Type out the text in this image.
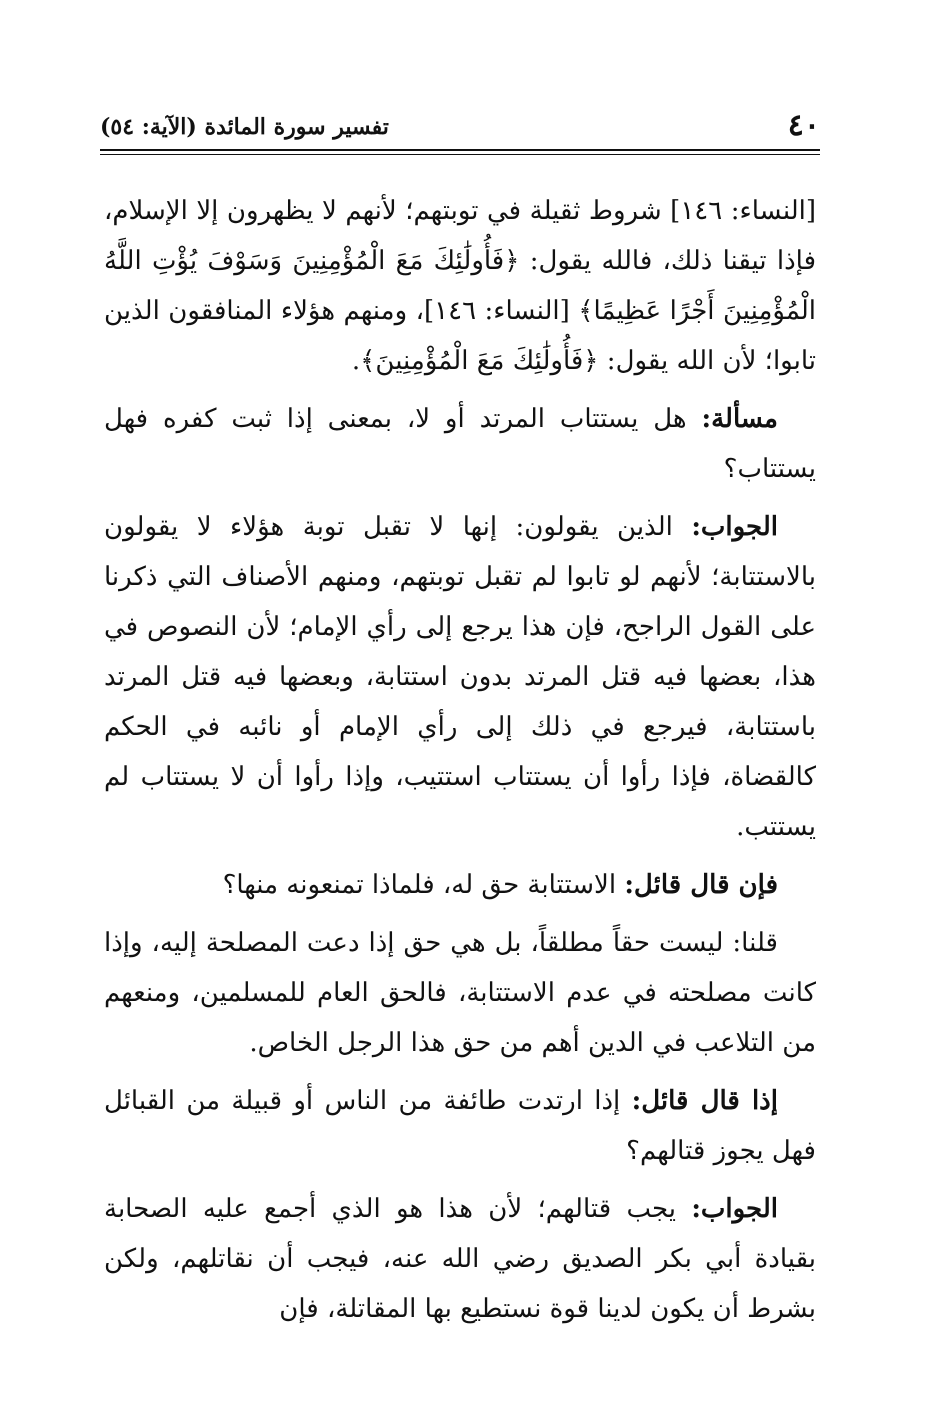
٤٠
تفسير سورة المائدة (الآية: ٥٤)

[النساء: ١٤٦] شروط ثقيلة في توبتهم؛ لأنهم لا يظهرون إلا الإسلام، فإذا تيقنا ذلك، فالله يقول: ﴿فَأُولَٰئِكَ مَعَ الْمُؤْمِنِينَ وَسَوْفَ يُؤْتِ اللَّهُ الْمُؤْمِنِينَ أَجْرًا عَظِيمًا﴾ [النساء: ١٤٦]، ومنهم هؤلاء المنافقون الذين تابوا؛ لأن الله يقول: ﴿فَأُولَٰئِكَ مَعَ الْمُؤْمِنِينَ﴾.

مسألة: هل يستتاب المرتد أو لا، بمعنى إذا ثبت كفره فهل يستتاب؟

الجواب: الذين يقولون: إنها لا تقبل توبة هؤلاء لا يقولون بالاستتابة؛ لأنهم لو تابوا لم تقبل توبتهم، ومنهم الأصناف التي ذكرنا على القول الراجح، فإن هذا يرجع إلى رأي الإمام؛ لأن النصوص في هذا، بعضها فيه قتل المرتد بدون استتابة، وبعضها فيه قتل المرتد باستتابة، فيرجع في ذلك إلى رأي الإمام أو نائبه في الحكم كالقضاة، فإذا رأوا أن يستتاب استتيب، وإذا رأوا أن لا يستتاب لم يستتب.

فإن قال قائل: الاستتابة حق له، فلماذا تمنعونه منها؟

قلنا: ليست حقاً مطلقاً، بل هي حق إذا دعت المصلحة إليه، وإذا كانت مصلحته في عدم الاستتابة، فالحق العام للمسلمين، ومنعهم من التلاعب في الدين أهم من حق هذا الرجل الخاص.

إذا قال قائل: إذا ارتدت طائفة من الناس أو قبيلة من القبائل فهل يجوز قتالهم؟

الجواب: يجب قتالهم؛ لأن هذا هو الذي أجمع عليه الصحابة بقيادة أبي بكر الصديق رضي الله عنه، فيجب أن نقاتلهم، ولكن بشرط أن يكون لدينا قوة نستطيع بها المقاتلة، فإن
